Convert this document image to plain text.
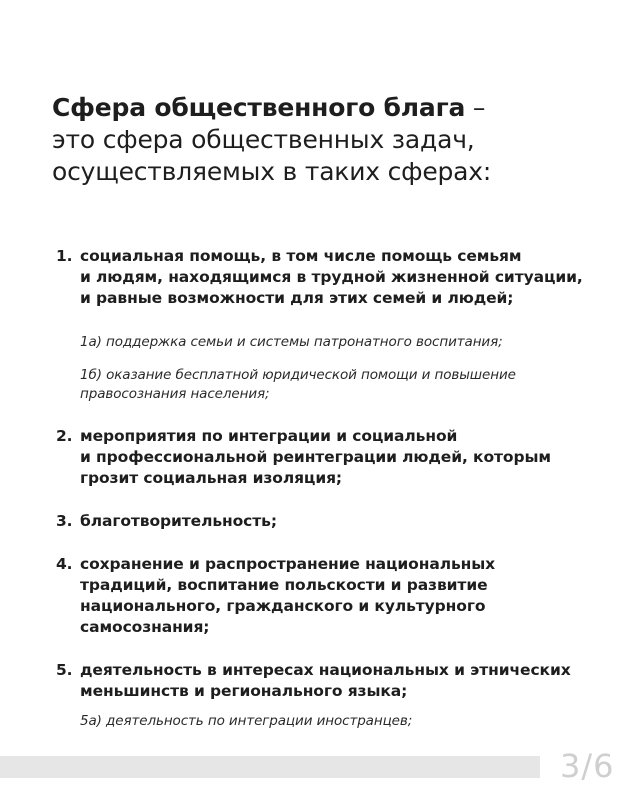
Сфера общественного блага –
это сфера общественных задач,
осуществляемых в таких сферах:
1. социальная помощь, в том числе помощь семьям
и людям, находящимся в трудной жизненной ситуации,
и равные возможности для этих семей и людей;
1а) поддержка семьи и системы патронатного воспитания;
1б) оказание бесплатной юридической помощи и повышение
правосознания населения;
2. мероприятия по интеграции и социальной
и профессиональной реинтеграции людей, которым
грозит социальная изоляция;
3. благотворительность;
4. сохранение и распространение национальных
традиций, воспитание польскости и развитие
национального, гражданского и культурного
самосознания;
5. деятельность в интересах национальных и этнических
меньшинств и регионального языка;
5а) деятельность по интеграции иностранцев;
3/6
